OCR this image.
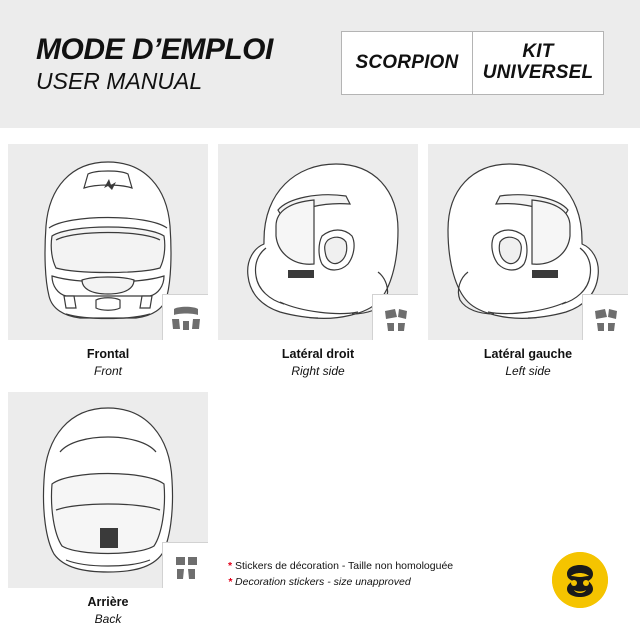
MODE D’EMPLOI
USER MANUAL
SCORPION	KIT
UNIVERSEL
Frontal
Front
Latéral droit
Right side
Latéral gauche
Left side
Arrière
Back
* Stickers de décoration - Taille non homologuée
* Decoration stickers - size unapproved
